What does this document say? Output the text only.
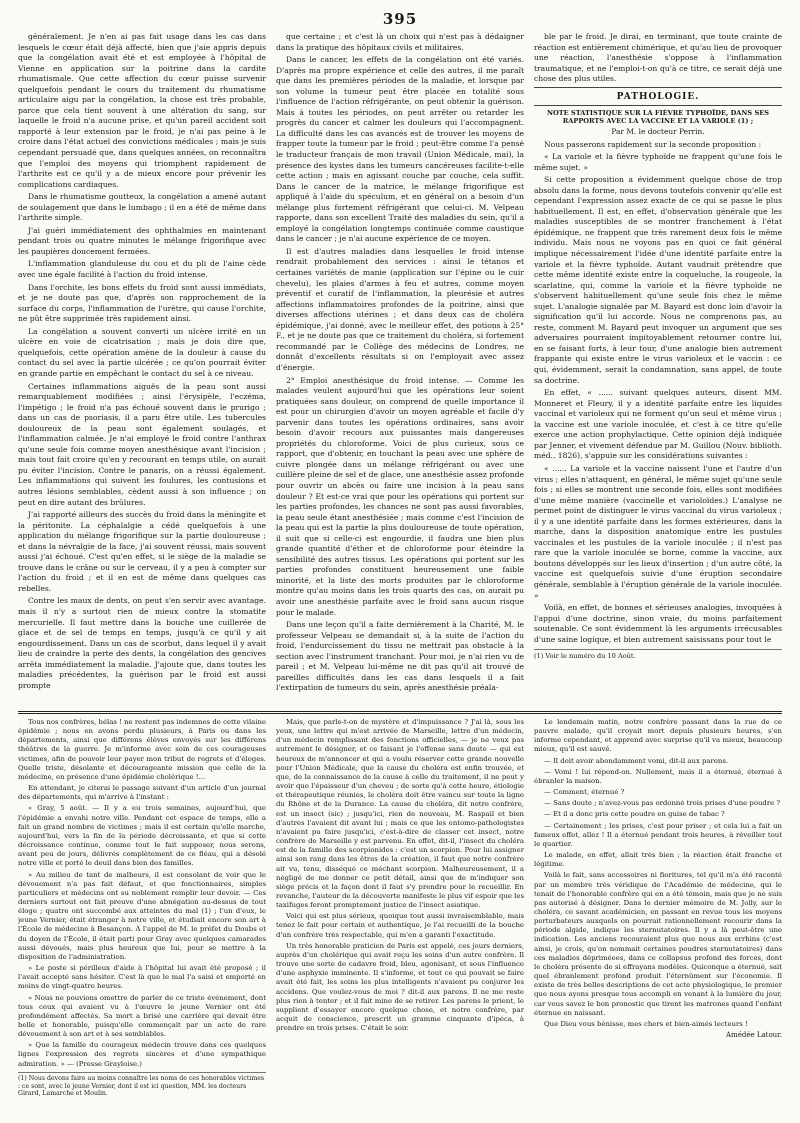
395

généralement. Je n'en ai pas fait usage dans les cas dans lesquels le cœur était déjà affecté, bien que j'aie appris depuis que la congélation avait été et est employée à l'hôpital de Vienne en application sur la poitrine dans la cardite rhumatismale. Que cette affection du cœur puisse survenir quelquefois pendant le cours du traitement du rhumatisme articulaire aigu par la congélation, la chose est très probable, parce que cela tient souvent à une altération du sang, sur laquelle le froid n'a aucune prise, et qu'un pareil accident soit rapporté à leur extension par le froid, je n'ai pas peine à le croire dans l'état actuel des convictions médicales ; mais je suis cependant persuadé que, dans quelques années, on reconnaîtra que l'emploi des moyens qui triomphent rapidement de l'arthrite est ce qu'il y a de mieux encore pour prévenir les complications cardiaques.

Dans le rhumatisme goutteux, la congélation a amené autant de soulagement que dans le lumbago ; il en a été de même dans l'arthrite simple.

J'ai guéri immédiatement des ophthalmies en maintenant pendant trois ou quatre minutes le mélange frigorifique avec les paupières doucement fermées.

L'inflammation glanduleuse du cou et du pli de l'aine cède avec une égale facilité à l'action du froid intense.

Dans l'orchite, les bons effets du froid sont aussi immédiats, et je ne doute pas que, d'après son rapprochement de la surface du corps, l'inflammation de l'urètre, qui cause l'orchite, ne pût être supprimée très rapidement ainsi.

La congélation a souvent converti un ulcère irrité en un ulcère en voie de cicatrisation ; mais je dois dire que, quelquefois, cette opération amène de la douleur à cause du contact du sel avec la partie ulcérée ; ce qu'on pourrait éviter en grande partie en empêchant le contact du sel à ce niveau.

Certaines inflammations aiguës de la peau sont aussi remarquablement modifiées ; ainsi l'érysipèle, l'eczéma, l'impétigo ; le froid n'a pas échoué souvent dans le prurigo ; dans un cas de psoriasis, il a paru être utile. Les tubercules douloureux de la peau sont également soulagés, et l'inflammation calmée. Je n'ai employé le froid contre l'anthrax qu'une seule fois comme moyen anesthésique avant l'incision ; mais tout fait croire qu'en y recourant en temps utile, on aurait pu éviter l'incision. Contre le panaris, on a réussi également. Les inflammations qui suivent les foulures, les contusions et autres lésions semblables, cèdent aussi à son influence ; on peut en dire autant des brûlures.

J'ai rapporté ailleurs des succès du froid dans la méningite et la péritonite. La céphalalgie a cédé quelquefois à une application du mélange frigorifique sur la partie douloureuse ; et dans la névralgie de la face, j'ai souvent réussi, mais souvent aussi j'ai échoué. C'est qu'en effet, si le siège de la maladie se trouve dans le crâne ou sur le cerveau, il y a peu à compter sur l'action du froid ; et il en est de même dans quelques cas rebelles.

Contre les maux de dents, on peut s'en servir avec avantage. mais il n'y a surtout rien de mieux contre la stomatite mercurielle. Il faut mettre dans la bouche une cuillerée de glace et de sel de temps en temps, jusqu'à ce qu'il y ait engourdissement. Dans un cas de scorbut, dans lequel il y avait lieu de craindre la perte des dents, la congélation des gencives arrêta immédiatement la maladie. J'ajoute que, dans toutes les maladies précédentes, la guérison par le froid est aussi prompte

que certaine ; et c'est là un choix qui n'est pas à dédaigner dans la pratique des hôpitaux civils et militaires.

Dans le cancer, les effets de la congélation ont été variés. D'après ma propre expérience et celle des autres, il me paraît que dans les premières périodes de la maladie, et lorsque par son volume la tumeur peut être placée en totalité sous l'influence de l'action réfrigérante, on peut obtenir la guérison. Mais à toutes les périodes, on peut arrêter ou retarder les progrès du cancer et calmer les douleurs qui l'accompagnent. La difficulté dans les cas avancés est de trouver les moyens de frapper toute la tumeur par le froid ; peut-être comme l'a pensé le traducteur français de mon travail (Union Médicale, mai), la présence des kystes dans les tumeurs cancéreuses facilite-t-elle cette action ; mais en agissant couche par couche, cela suffit. Dans le cancer de la matrice, le mélange frigorifique est appliqué à l'aide du spéculum, et en général on a besoin d'un mélange plus fortement réfrigérant que celui-ci. M. Velpeau rapporte, dans son excellent Traité des maladies du sein, qu'il a employé la congélation longtemps continuée comme caustique dans le cancer ; je n'ai aucune expérience de ce moyen.

Il est d'autres maladies dans lesquelles le froid intense rendrait probablement des services : ainsi le tétanos et certaines variétés de manie (application sur l'épine ou le cuir chevelu), les plaies d'armes à feu et autres, comme moyen préventif et curatif de l'inflammation, la pleurésie et autres affections inflammatoires profondes de la poitrine, ainsi que diverses affections utérines ; et dans deux cas de choléra épidémique, j'ai donné, avec le meilleur effet, des potions à 25° F., et je ne doute pas que ce traitement du choléra, si fortement recommandé par le Collège des médecins de Londres, ne donnât d'excellents résultats si on l'employait avec assez d'énergie.

2° Emploi anesthésique du froid intense. — Comme les malades veulent aujourd'hui que les opérations leur soient pratiquées sans douleur, on comprend de quelle importance il est pour un chirurgien d'avoir un moyen agréable et facile d'y parvenir dans toutes les opérations ordinaires, sans avoir besoin d'avoir recours aux puissantes mais dangereuses propriétés du chloroforme. Voici de plus curieux, sous ce rapport, que d'obtenir, en touchant la peau avec une sphère de cuivre plongée dans un mélange réfrigérant ou avec une cuillère pleine de sel et de glace, une anesthésie assez profonde pour ouvrir un abcès ou faire une incision à la peau sans douleur ? Et est-ce vrai que pour les opérations qui portent sur les parties profondes, les chances ne sont pas aussi favorables, la peau seule étant anesthésiée ; mais comme c'est l'incision de la peau qui est la partie la plus douloureuse de toute opération, il suit que si celle-ci est engourdie, il faudra une bien plus grande quantité d'éther et de chloroforme pour éteindre la sensibilité des autres tissus. Les opérations qui portent sur les parties profondes constituent heureusement une faible minorité, et la liste des morts produites par le chloroforme montre qu'au moins dans les trois quarts des cas, on aurait pu avoir une anesthésie parfaite avec le froid sans aucun risque pour le malade.

Dans une leçon qu'il a faite dernièrement à la Charité, M. le professeur Velpeau se demandait si, à la suite de l'action du froid, l'endurcissement du tissu ne mettrait pas obstacle à la section avec l'instrument tranchant. Pour moi, je n'ai rien vu de pareil ; et M. Velpeau lui-même ne dit pas qu'il ait trouvé de pareilles difficultés dans les cas dans lesquels il a fait l'extirpation de tumeurs du sein, après anesthésie préala-

ble par le froid. Je dirai, en terminant, que toute crainte de réaction est entièrement chimérique, et qu'au lieu de provoquer une réaction, l'anesthésie s'oppose à l'inflammation traumatique, et ne l'emploi-t-on qu'à ce titre, ce serait déjà une chose des plus utiles.

PATHOLOGIE.
NOTE STATISTIQUE SUR LA FIÈVRE TYPHOÏDE, DANS SES RAPPORTS AVEC LA VACCINE ET LA VARIOLE (1) ;
Par M. le docteur Perrin.

Nous passerons rapidement sur la seconde proposition :

« La variole et la fièvre typhoïde ne frappent qu'une fois le même sujet. »

Si cette proposition a évidemment quelque chose de trop absolu dans la forme, nous devons toutefois convenir qu'elle est cependant l'expression assez exacte de ce qui se passe le plus habituellement. Il est, en effet, d'observation générale que les maladies susceptibles de se montrer franchement à l'état épidémique, ne frappent que très rarement deux fois le même individu. Mais nous ne voyons pas en quoi ce fait général implique nécessairement l'idée d'une identité parfaite entre la variole et la fièvre typhoïde. Autant vaudrait prétendre que cette même identité existe entre la coqueluche, la rougeole, la scarlatine, qui, comme la variole et la fièvre typhoïde ne s'observent habituellement qu'une seule fois chez le même sujet. L'analogie signalée par M. Bayard est donc loin d'avoir la signification qu'il lui accorde. Nous ne comprenons pas, au reste, comment M. Bayard peut invoquer un argument que ses adversaires pourraient impitoyablement retourner contre lui, en se faisant forts, à leur tour, d'une analogie bien autrement frappante qui existe entre le virus varioleux et le vaccin : ce qui, évidemment, serait la condamnation, sans appel, de toute sa doctrine.

En effet, « ...... suivant quelques auteurs, disent MM. Monneret et Fleury, il y a identité parfaite entre les liquides vaccinal et varioleux qui ne forment qu'un seul et même virus ; la vaccine est une variole inoculée, et c'est à ce titre qu'elle exerce une action prophylactique. Cette opinion déjà indiquée par Jenner, et vivement défendue par M. Guillou (Nouv. biblioth. méd., 1826), s'appuie sur les considérations suivantes :

« ...... La variole et la vaccine naissent l'une et l'autre d'un virus ; elles n'attaquent, en général, le même sujet qu'une seule fois ; si elles se montrent une seconde fois, elles sont modifiées d'une même manière (vaccinelle et varioloïdes.) L'analyse ne permet point de distinguer le virus vaccinal du virus varioleux ; il y a une identité parfaite dans les formes extérieures, dans la marche, dans la disposition anatomique entre les pustules vaccinales et les pustules de la variole inoculée ; il n'est pas rare que la variole inoculée se borne, comme la vaccine, aux boutons développés sur les lieux d'insertion ; d'un autre côté, la vaccine est quelquefois suivie d'une éruption secondaire générale, semblable à l'éruption générale de la variole inoculée. »

Voilà, en effet, de bonnes et sérieuses analogies, invoquées à l'appui d'une doctrine, sinon vraie, du moins parfaitement soutenable. Ce sont évidemment là les arguments irrécusables d'une saine logique, et bien autrement saisissans pour tout le

(1) Voir le numéro du 10 Août.

Tous nos confrères, hélas ! ne restent pas indemnes de cette vilaine épidémie ; nous en avons perdu plusieurs, à Paris ou dans les départements, ainsi que différens élèves envoyés sur les différens théâtres de la guerre. Je m'informe avec soin de ces courageuses victimes, afin de pouvoir leur payer mon tribut de regrets et d'éloges. Quelle triste, désolante et décourageante mission que celle de la médecine, en présence d'une épidémie cholérique !...

En attendant, je citerai le passage suivant d'un article d'un journal des départements, qui m'arrive à l'instant :

« Gray, 5 août. — Il y a eu trois semaines, aujourd'hui, que l'épidémie a envahi notre ville. Pendant cet espace de temps, elle a fait un grand nombre de victimes ; mais il est certain qu'elle marche, aujourd'hui, vers la fin de la période décroissante, et que si cette décroissance continue, comme tout le fait supposer, nous serons, avant peu de jours, délivrés complètement de ce fléau, qui a désolé notre ville et porté le deuil dans bien des familles.

» Au milieu de tant de malheurs, il est consolant de voir que le dévouement n'a pas fait défaut, et que fonctionnaires, simples particuliers et médecins ont su noblement remplir leur devoir. — Ces derniers surtout ont fait preuve d'une abnégation au-dessus de tout éloge ; quatre ont succombé aux atteintes du mal (1) ; l'un d'eux, le jeune Vernier, était étranger à notre ville, et étudiait encore son art à l'École de médecine à Besançon. À l'appel de M. le préfet du Doubs et du doyen de l'École, il était parti pour Gray avec quelques camarades aussi dévoués, mais plus heureux que lui, pour se mettre à la disposition de l'administration.

» Le poste si périlleux d'aide à l'hôpital lui avait été proposé ; il l'avait accepté sans hésiter. C'est là que le mal l'a saisi et emporté en moins de vingt-quatre heures.

» Nous ne pouvions omettre de parler de ce triste événement, dont tous ceux qui avaient vu à l'œuvre le jeune Vernier ont été profondément affectés. Sa mort a brisé une carrière qui devait être belle et honorable, puisqu'elle commençait par un acte de rare dévouement à son art et à ses semblables.

» Que la famille du courageux médecin trouve dans ces quelques lignes l'expression des regrets sincères et d'une sympathique admiration. » — (Presse Grayloise.)

(1) Nous devons faire au moins connaître les noms de ces honorables victimes : ce sont, avec le jeune Vernier, dont il est ici question, MM. les docteurs Girard, Lamarche et Moulin.

Mais, que parle-t-on de mystère et d'impuissance ? J'ai là, sous les yeux, une lettre qui m'est arrivée de Marseille, lettre d'un médecin, d'un médecin remplissant des fonctions officielles, — je ne veux pas autrement le désigner, et ce faisant je l'offense sans doute — qui est heureux de m'annoncer et qui a voulu réserver cette grande nouvelle pour l'Union Médicale, que la cause du choléra est enfin trouvée, et que, de la connaissance de la cause à celle du traitement, il ne peut y avoir que l'épaisseur d'un cheveu ; de sorte qu'à cette heure, étiologie et thérapeutique réunies, le choléra doit être vaincu sur toute la ligne du Rhône et de la Durance. La cause du choléra, dit notre confrère, est un insect (sic) ; jusqu'ici, rien de nouveau, M. Raspail et bien d'autres l'avaient dit avant lui ; mais ce que les entomo-pathologistes n'avaient pu faire jusqu'ici, c'est-à-dire de classer cet insect, notre confrère de Marseille y est parvenu. En effet, dit-il, l'insect du choléra est de la famille des scorpionides : c'est un scorpion. Pour lui assigner ainsi son rang dans les êtres de la création, il faut que notre confrère ait vu, tenu, disséqué ce méchant scorpion. Malheureusement, il a négligé de me donner ce petit détail, ainsi que de m'indiquer son siège précis et la façon dont il faut s'y prendre pour le recueillir. En revanche, l'auteur de la découverte manifeste le plus vif espoir que les taxifuges feront promptement justice de l'insect asiatique.

Voici qui est plus sérieux, quoique tout aussi invraisemblable, mais tenez le fait pour certain et authentique, je l'ai recueilli de la bouche d'un confrère très respectable, qui m'en a garanti l'exactitude.

Un très honorable praticien de Paris est appelé, ces jours derniers, auprès d'un cholérique qui avait reçu les soins d'un autre confrère. Il trouve une sorte de cadavre froid, bleu, agonisant, et sous l'influence d'une asphyxie imminente. Il s'informe, et tout ce qui pouvait se faire avait été fait, les soins les plus intelligents n'avaient pu conjurer les accidens. Que voulez-vous de moi ? dit-il aux parens. Il ne me reste plus rien à tenter ; et il fait mine de se retirer. Les parens le prient, le supplient d'essayer encore quelque chose, et notre confrère, par acquit de conscience, prescrit un gramme cinquante d'ipéca, à prendre en trois prises. C'était le soir.

Le lendemain matin, notre confrère passant dans la rue de ce pauvre malade, qu'il croyait mort depuis plusieurs heures, s'en informe cependant, et apprend avec surprise qu'il va mieux, beaucoup mieux, qu'il est sauvé.

— Il doit avoir abondamment vomi, dit-il aux parens.

— Vomi ! lui répond-on. Nullement, mais il a éternué, éternué à ébranler la maison.

— Comment, éternué ?

— Sans doute ; n'avez-vous pas ordonné trois prises d'une poudre ?

— Et il a donc pris cette poudre en guise de tabac ?

— Certainement ; les prises, c'est pour priser ; et cela lui a fait un fameux effet, allez ! Il a éternué pendant trois heures, à réveiller tout le quartier.

Le malade, en effet, allait très bien ; la réaction était franche et légitime.

Voilà le fait, sans accessoires ni fioritures, tel qu'il m'a été raconté par un membre très véridique de l'Académie de médecine, qui le tenait de l'honorable confrère qui en a été témoin, mais que je ne suis pas autorisé à désigner. Dans le dernier mémoire de M. Jolly, sur le choléra, ce savant académicien, en passant en revue tous les moyens perturbateurs auxquels on pourrait rationnellement recourir dans la période algide, indique les sternutatoires. Il y a là peut-être une indication. Les anciens recouraient plus que nous aux errhins (c'est ainsi, je crois, qu'on nommait certaines poudres sternutatoires) dans ces maladies dépriméees, dans ce collapsus profond des forces, dont le choléra présente de si effrayans modèles. Quiconque a éternué, sait quel ébranlement profond produit l'éternûment sur l'économie. Il existe de très belles descriptions de cet acte physiologique, le premier que nous ayons presque tous accompli en venant à la lumière du jour, car vous savez le bon pronostic que tirent les matrones quand l'enfant éternue en naissant.

Que Dieu vous bénisse, mes chers et bien-aimés lecteurs !

Amédée Latour.
